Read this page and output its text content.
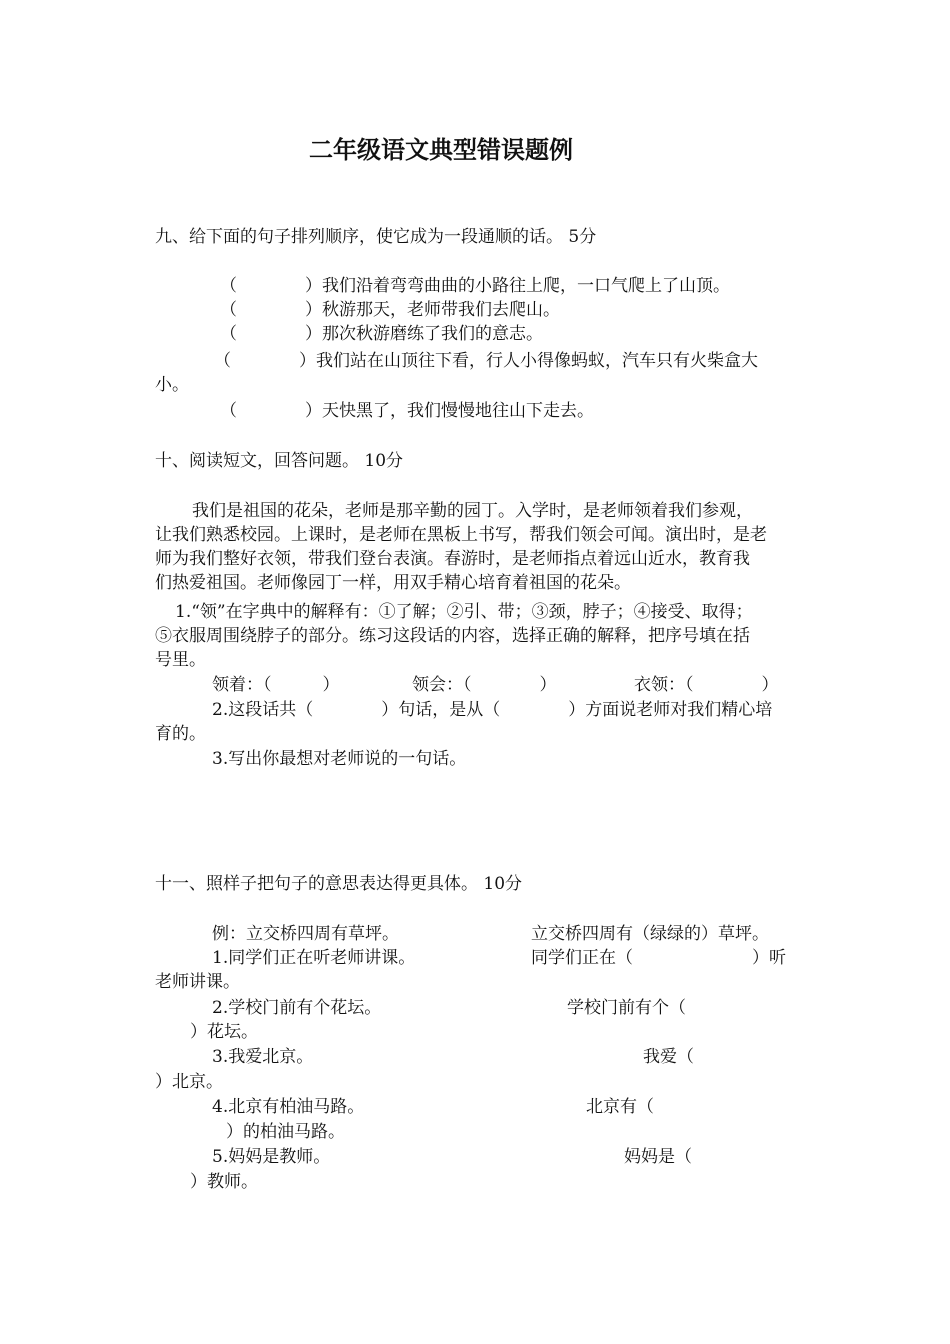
二年级语文典型错误题例
九、给下面的句子排列顺序，使它成为一段通顺的话。 5分
（　　　　）我们沿着弯弯曲曲的小路往上爬，一口气爬上了山顶。
（　　　　）秋游那天，老师带我们去爬山。
（　　　　）那次秋游磨练了我们的意志。
（　　　　）我们站在山顶往下看，行人小得像蚂蚁，汽车只有火柴盒大
小。
（　　　　）天快黑了，我们慢慢地往山下走去。
十、阅读短文，回答问题。 10分
我们是祖国的花朵，老师是那辛勤的园丁。入学时，是老师领着我们参观，
让我们熟悉校园。上课时，是老师在黑板上书写，帮我们领会可闻。演出时，是老
师为我们整好衣领，带我们登台表演。春游时，是老师指点着远山近水，教育我
们热爱祖国。老师像园丁一样，用双手精心培育着祖国的花朵。
1.“领”在字典中的解释有：①了解；②引、带；③颈，脖子；④接受、取得；
⑤衣服周围绕脖子的部分。练习这段话的内容，选择正确的解释，把序号填在括
号里。
领着：（　　　）	领会：（　　　　）	衣领：（　　　　）
2.这段话共（　　　　）句话，是从（　　　　）方面说老师对我们精心培
育的。
3.写出你最想对老师说的一句话。
十一、照样子把句子的意思表达得更具体。 10分
例：立交桥四周有草坪。	立交桥四周有（绿绿的）草坪。
1.同学们正在听老师讲课。	同学们正在（　　　　　　　）听
老师讲课。
2.学校门前有个花坛。	学校门前有个（
）花坛。
3.我爱北京。	我爱（
）北京。
4.北京有柏油马路。	北京有（
）的柏油马路。
5.妈妈是教师。	妈妈是（
）教师。
